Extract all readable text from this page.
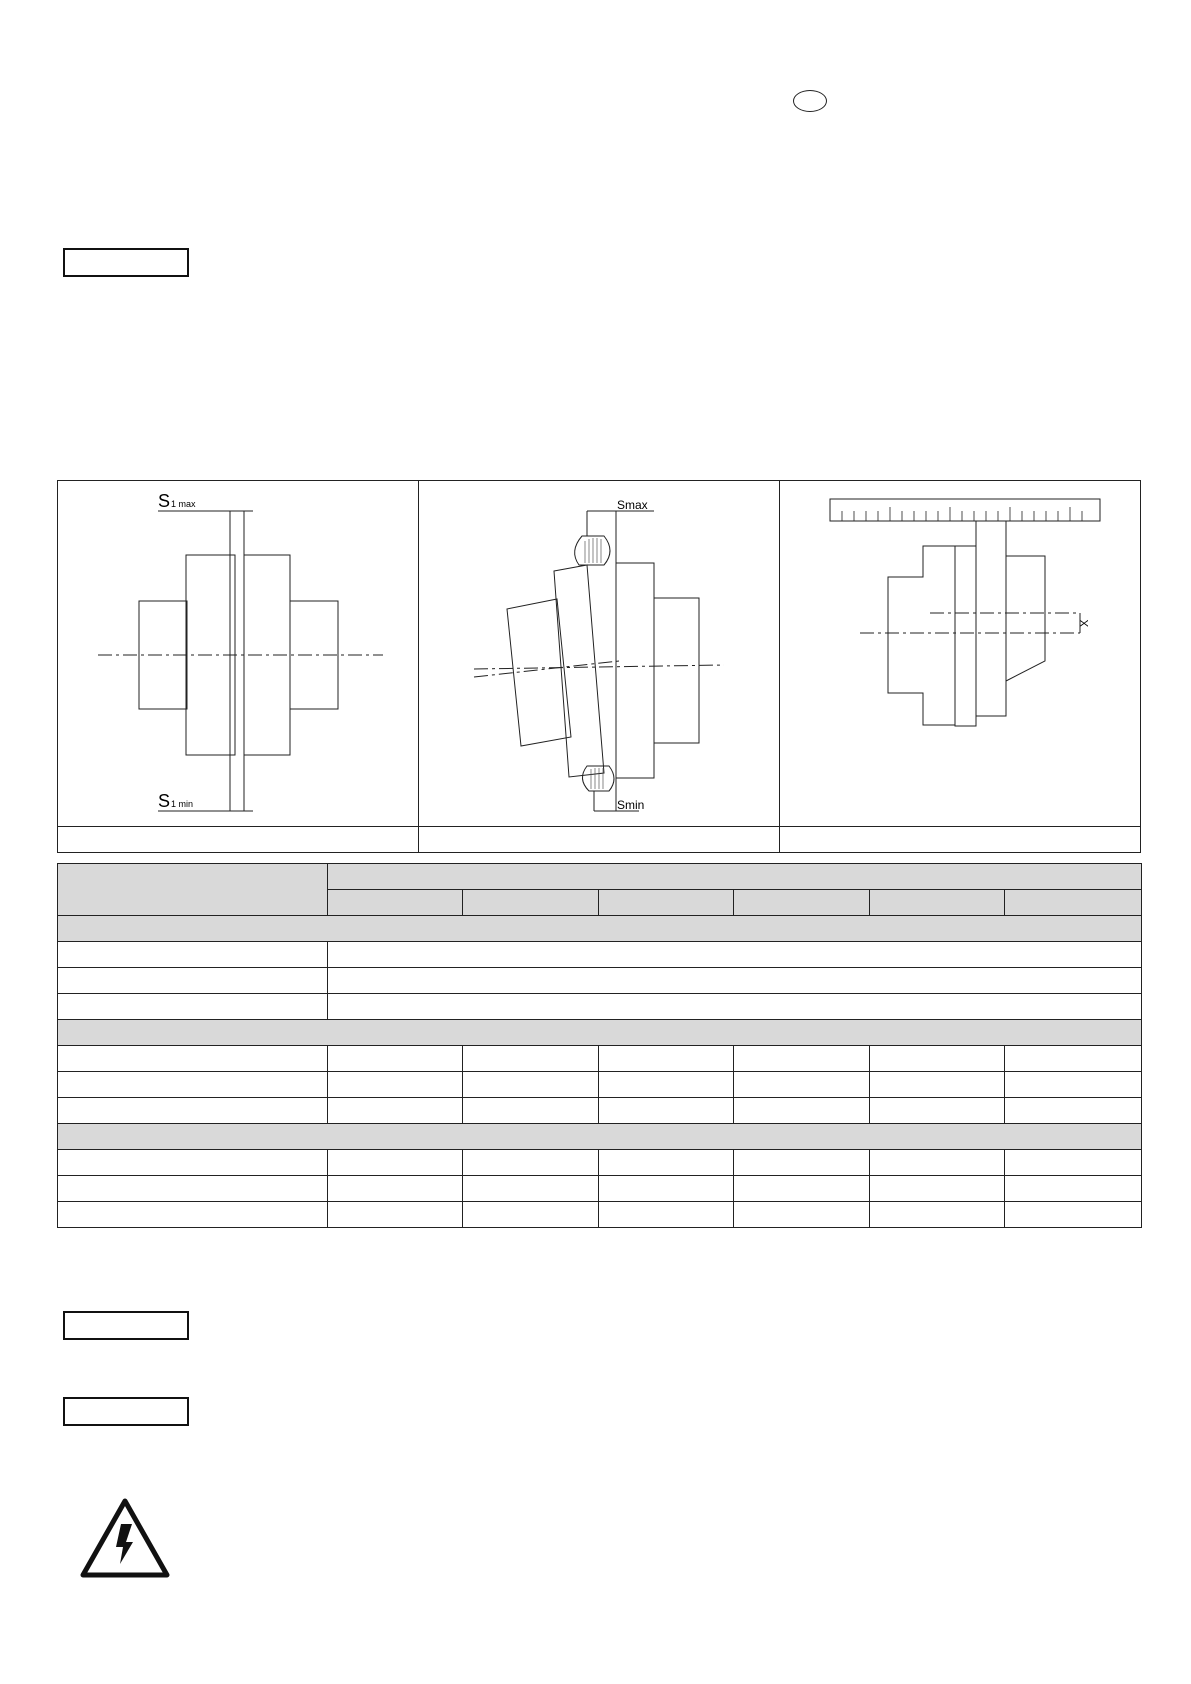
S 1 max
S 1 min
Smax
Smin
X
